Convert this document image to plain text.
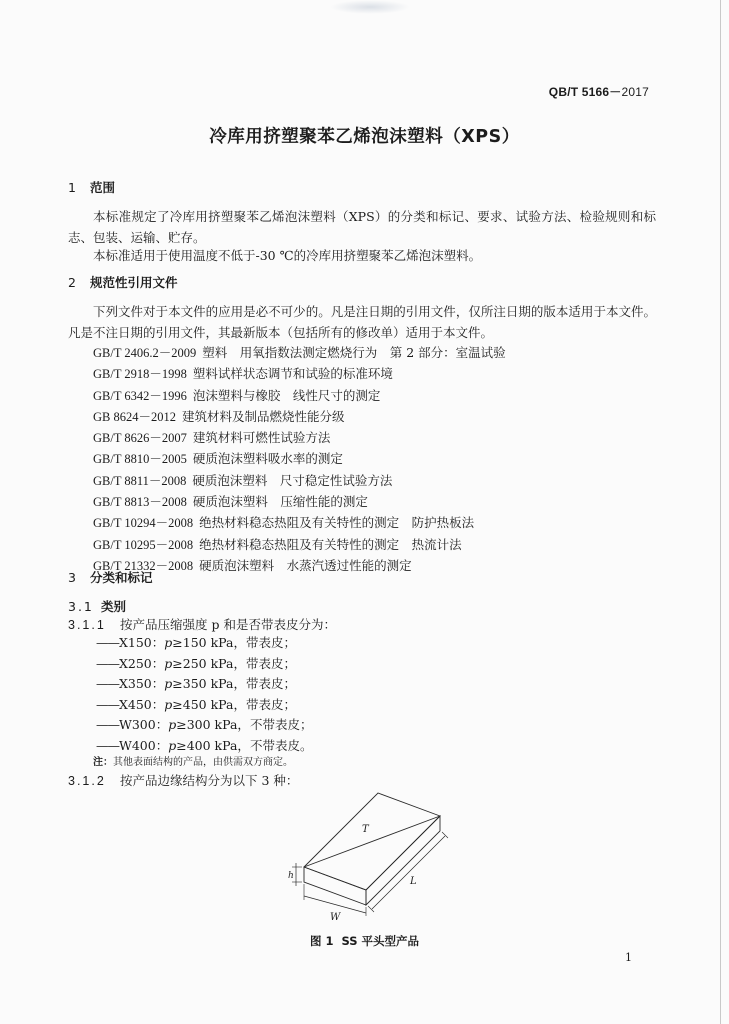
QB/T 5166－2017
冷库用挤塑聚苯乙烯泡沫塑料（XPS）
1 范围
本标准规定了冷库用挤塑聚苯乙烯泡沫塑料（XPS）的分类和标记、要求、试验方法、检验规则和标志、包装、运输、贮存。
本标准适用于使用温度不低于-30 ℃的冷库用挤塑聚苯乙烯泡沫塑料。
2 规范性引用文件
下列文件对于本文件的应用是必不可少的。凡是注日期的引用文件，仅所注日期的版本适用于本文件。凡是不注日期的引用文件，其最新版本（包括所有的修改单）适用于本文件。
GB/T 2406.2－2009 塑料　用氧指数法测定燃烧行为　第 2 部分：室温试验
GB/T 2918－1998 塑料试样状态调节和试验的标准环境
GB/T 6342－1996 泡沫塑料与橡胶　线性尺寸的测定
GB 8624－2012 建筑材料及制品燃烧性能分级
GB/T 8626－2007 建筑材料可燃性试验方法
GB/T 8810－2005 硬质泡沫塑料吸水率的测定
GB/T 8811－2008 硬质泡沫塑料　尺寸稳定性试验方法
GB/T 8813－2008 硬质泡沫塑料　压缩性能的测定
GB/T 10294－2008 绝热材料稳态热阻及有关特性的测定　防护热板法
GB/T 10295－2008 绝热材料稳态热阻及有关特性的测定　热流计法
GB/T 21332－2008 硬质泡沫塑料　水蒸汽透过性能的测定
3 分类和标记
3.1 类别
3.1.1 按产品压缩强度 p 和是否带表皮分为：
——X150：p≥150 kPa，带表皮；
——X250：p≥250 kPa，带表皮；
——X350：p≥350 kPa，带表皮；
——X450：p≥450 kPa，带表皮；
——W300：p≥300 kPa，不带表皮；
——W400：p≥400 kPa，不带表皮。
注：其他表面结构的产品，由供需双方商定。
3.1.2 按产品边缘结构分为以下 3 种：
T
h	L
W
图 1 SS 平头型产品
1
